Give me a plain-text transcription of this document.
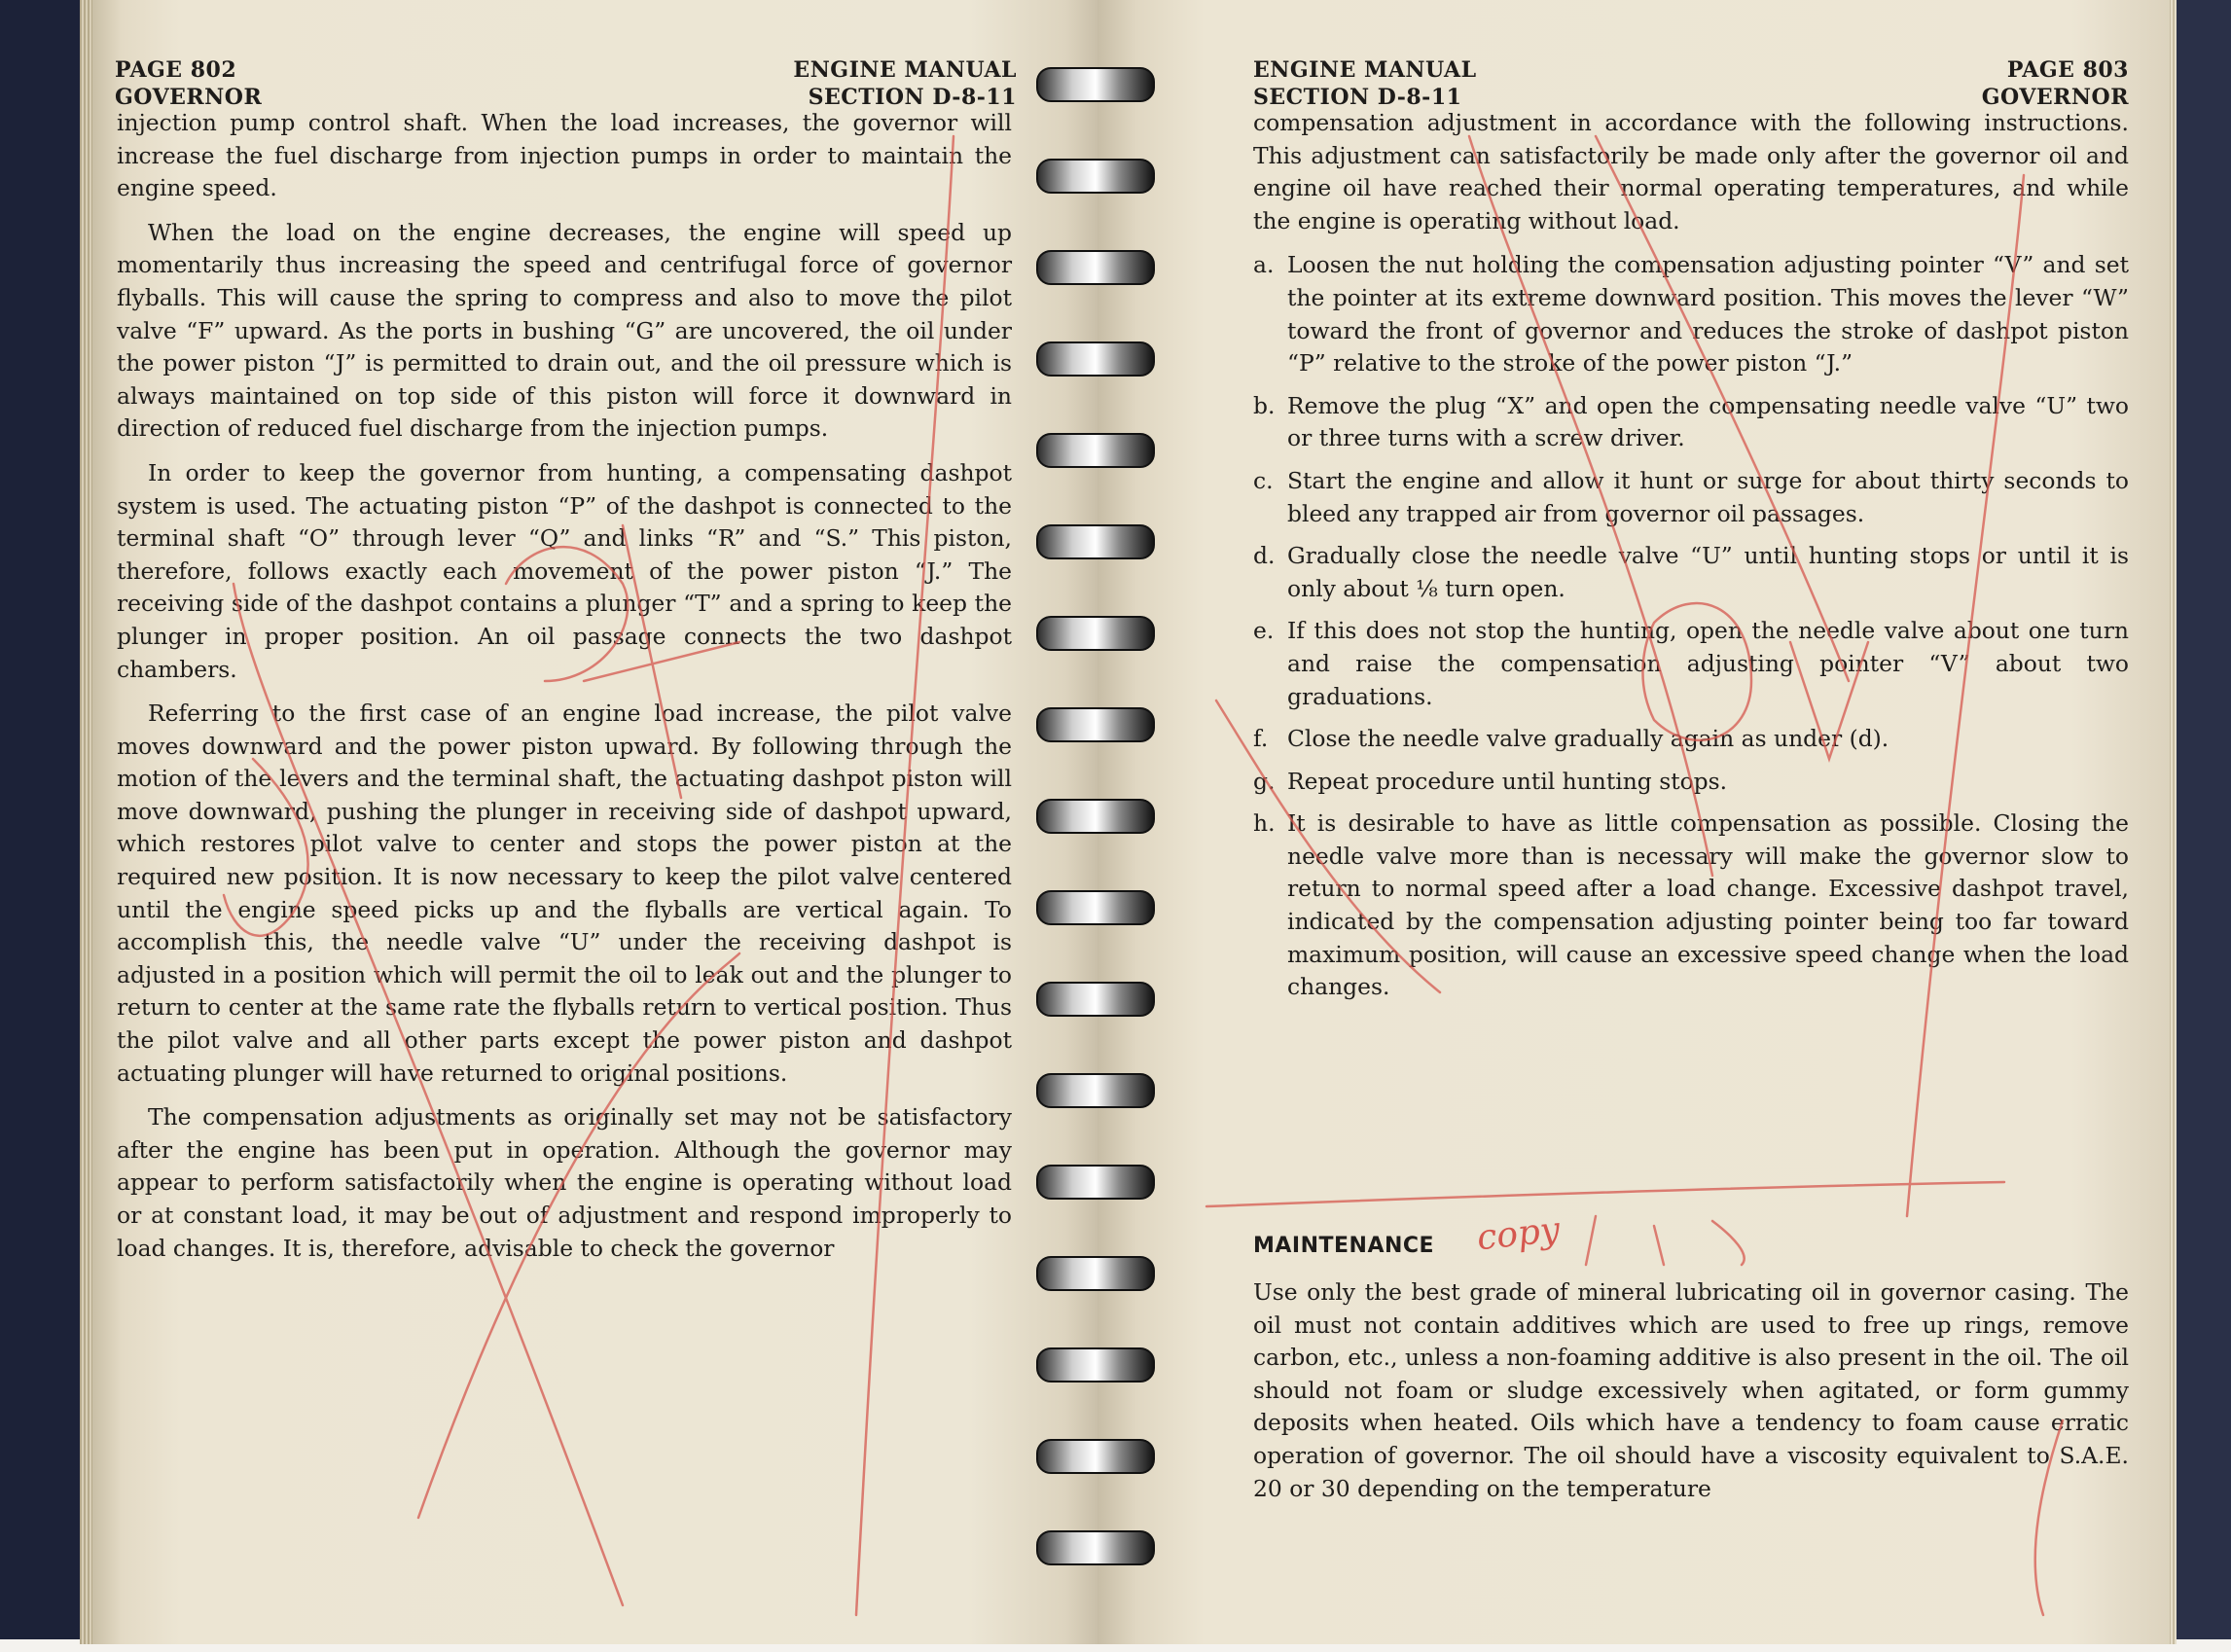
PAGE 802
GOVERNOR
ENGINE MANUAL
SECTION D-8-11

injection pump control shaft. When the load increases, the governor will increase the fuel discharge from injection pumps in order to maintain the engine speed.

When the load on the engine decreases, the engine will speed up momentarily thus increasing the speed and centrifugal force of governor flyballs. This will cause the spring to compress and also to move the pilot valve “F” upward. As the ports in bushing “G” are uncovered, the oil under the power piston “J” is permitted to drain out, and the oil pressure which is always maintained on top side of this piston will force it downward in direction of reduced fuel discharge from the injection pumps.

In order to keep the governor from hunting, a compensating dashpot system is used. The actuating piston “P” of the dashpot is connected to the terminal shaft “O” through lever “Q” and links “R” and “S.” This piston, therefore, follows exactly each movement of the power piston “J.” The receiving side of the dashpot contains a plunger “T” and a spring to keep the plunger in proper position. An oil passage connects the two dashpot chambers.

Referring to the first case of an engine load increase, the pilot valve moves downward and the power piston upward. By following through the motion of the levers and the terminal shaft, the actuating dashpot piston will move downward, pushing the plunger in receiving side of dashpot upward, which restores pilot valve to center and stops the power piston at the required new position. It is now necessary to keep the pilot valve centered until the engine speed picks up and the flyballs are vertical again. To accomplish this, the needle valve “U” under the receiving dashpot is adjusted in a position which will permit the oil to leak out and the plunger to return to center at the same rate the flyballs return to vertical position. Thus the pilot valve and all other parts except the power piston and dashpot actuating plunger will have returned to original positions.

The compensation adjustments as originally set may not be satisfactory after the engine has been put in operation. Although the governor may appear to perform satisfactorily when the engine is operating without load or at constant load, it may be out of adjustment and respond improperly to load changes. It is, therefore, advisable to check the governor

ENGINE MANUAL
SECTION D-8-11
PAGE 803
GOVERNOR

compensation adjustment in accordance with the following instructions. This adjustment can satisfactorily be made only after the governor oil and engine oil have reached their normal operating temperatures, and while the engine is operating without load.

a. Loosen the nut holding the compensation adjusting pointer “V” and set the pointer at its extreme downward position. This moves the lever “W” toward the front of governor and reduces the stroke of dashpot piston “P” relative to the stroke of the power piston “J.”
b. Remove the plug “X” and open the compensating needle valve “U” two or three turns with a screw driver.
c. Start the engine and allow it hunt or surge for about thirty seconds to bleed any trapped air from governor oil passages.
d. Gradually close the needle valve “U” until hunting stops or until it is only about ⅛ turn open.
e. If this does not stop the hunting, open the needle valve about one turn and raise the compensation adjusting pointer “V” about two graduations.
f. Close the needle valve gradually again as under (d).
g. Repeat procedure until hunting stops.
h. It is desirable to have as little compensation as possible. Closing the needle valve more than is necessary will make the governor slow to return to normal speed after a load change. Excessive dashpot travel, indicated by the compensation adjusting pointer being too far toward maximum position, will cause an excessive speed change when the load changes.
MAINTENANCE copy

Use only the best grade of mineral lubricating oil in governor casing. The oil must not contain additives which are used to free up rings, remove carbon, etc., unless a non-foaming additive is also present in the oil. The oil should not foam or sludge excessively when agitated, or form gummy deposits when heated. Oils which have a tendency to foam cause erratic operation of governor. The oil should have a viscosity equivalent to S.A.E. 20 or 30 depending on the temperature
